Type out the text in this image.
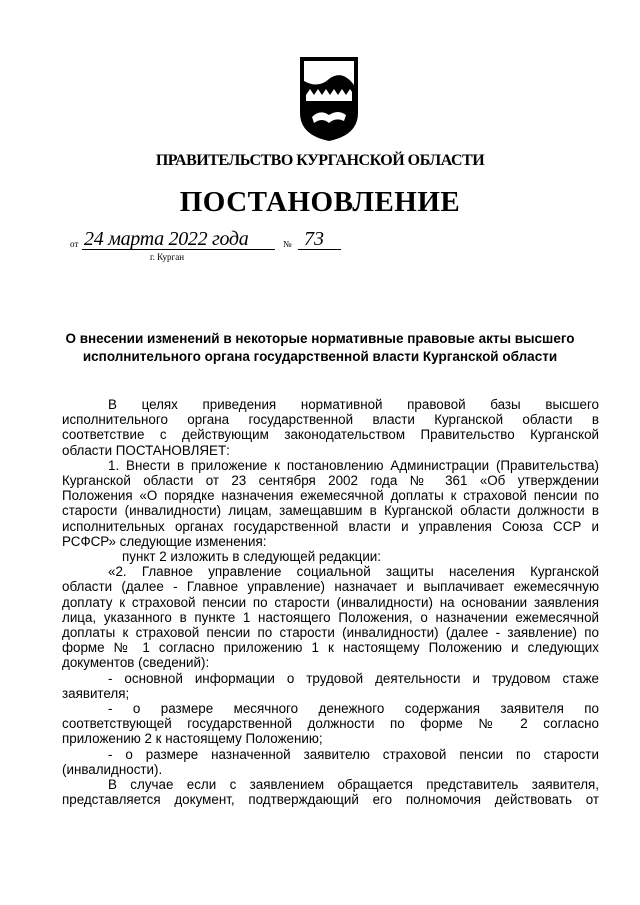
ПРАВИТЕЛЬСТВО КУРГАНСКОЙ ОБЛАСТИ
ПОСТАНОВЛЕНИЕ
от 24 марта 2022 года	№ 73
г. Курган
О внесении изменений в некоторые нормативные правовые акты высшего
исполнительного органа государственной власти Курганской области
В целях приведения нормативной правовой базы высшего
исполнительного органа государственной власти Курганской области в
соответствие с действующим законодательством Правительство Курганской
области ПОСТАНОВЛЯЕТ:
1. Внести в приложение к постановлению Администрации (Правительства)
Курганской области от 23 сентября 2002 года № 361 «Об утверждении
Положения «О порядке назначения ежемесячной доплаты к страховой пенсии по
старости (инвалидности) лицам, замещавшим в Курганской области должности в
исполнительных органах государственной власти и управления Союза ССР и
РСФСР» следующие изменения:
пункт 2 изложить в следующей редакции:
«2. Главное управление социальной защиты населения Курганской
области (далее - Главное управление) назначает и выплачивает ежемесячную
доплату к страховой пенсии по старости (инвалидности) на основании заявления
лица, указанного в пункте 1 настоящего Положения, о назначении ежемесячной
доплаты к страховой пенсии по старости (инвалидности) (далее - заявление) по
форме № 1 согласно приложению 1 к настоящему Положению и следующих
документов (сведений):
- основной информации о трудовой деятельности и трудовом стаже
заявителя;
- о размере месячного денежного содержания заявителя по
соответствующей государственной должности по форме № 2 согласно
приложению 2 к настоящему Положению;
- о размере назначенной заявителю страховой пенсии по старости
(инвалидности).
В случае если с заявлением обращается представитель заявителя,
представляется документ, подтверждающий его полномочия действовать от
